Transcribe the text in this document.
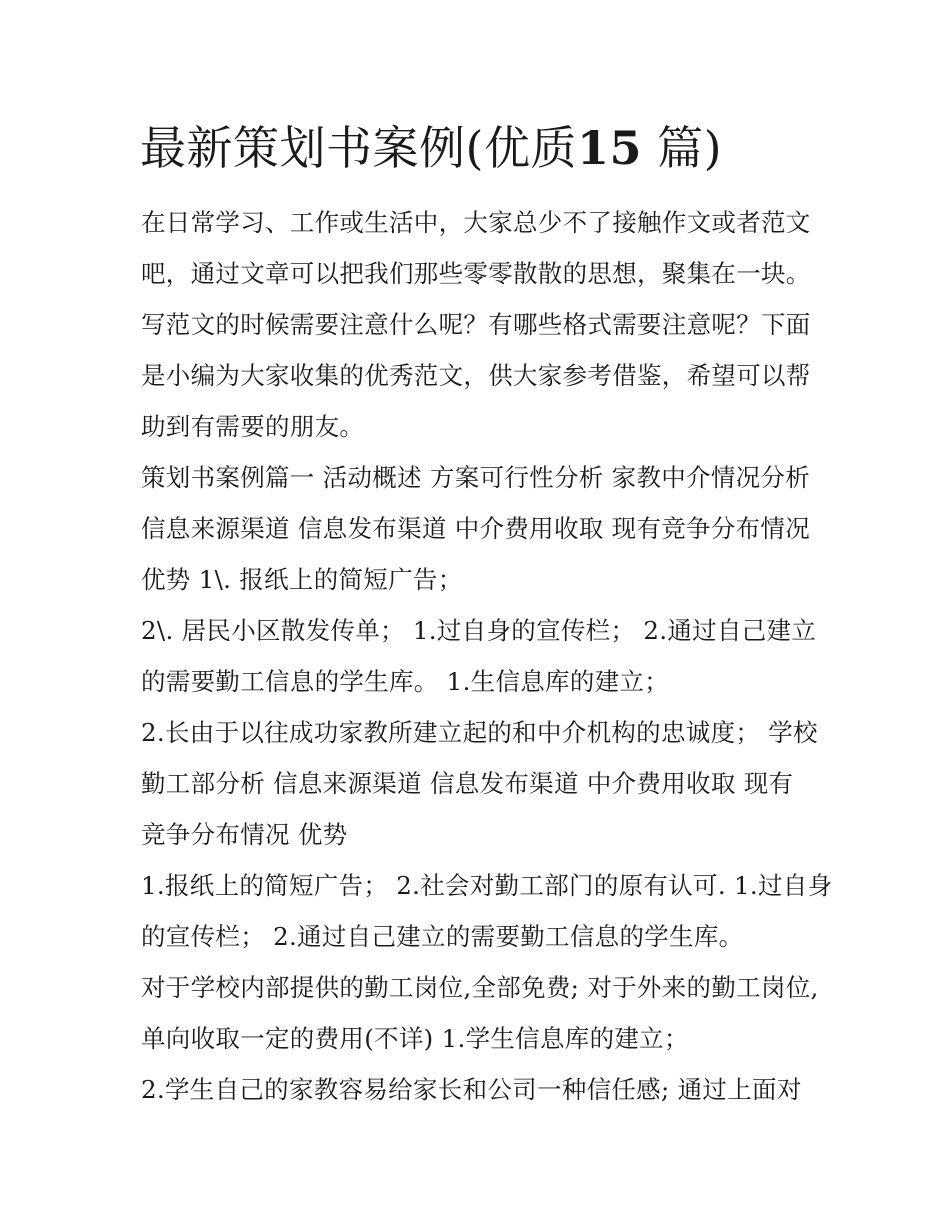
最新策划书案例(优质15 篇)
在日常学习、工作或生活中，大家总少不了接触作文或者范文
吧，通过文章可以把我们那些零零散散的思想，聚集在一块。
写范文的时候需要注意什么呢？有哪些格式需要注意呢？下面
是小编为大家收集的优秀范文，供大家参考借鉴，希望可以帮
助到有需要的朋友。
策划书案例篇一 活动概述 方案可行性分析 家教中介情况分析
信息来源渠道 信息发布渠道 中介费用收取 现有竞争分布情况
优势 1\. 报纸上的简短广告；
2\. 居民小区散发传单； 1.过自身的宣传栏； 2.通过自己建立
的需要勤工信息的学生库。 1.生信息库的建立；
2.长由于以往成功家教所建立起的和中介机构的忠诚度； 学校
勤工部分析 信息来源渠道 信息发布渠道 中介费用收取 现有
竞争分布情况 优势
1.报纸上的简短广告； 2.社会对勤工部门的原有认可. 1.过自身
的宣传栏； 2.通过自己建立的需要勤工信息的学生库。
对于学校内部提供的勤工岗位,全部免费; 对于外来的勤工岗位,
单向收取一定的费用(不详) 1.学生信息库的建立；
2.学生自己的家教容易给家长和公司一种信任感; 通过上面对
